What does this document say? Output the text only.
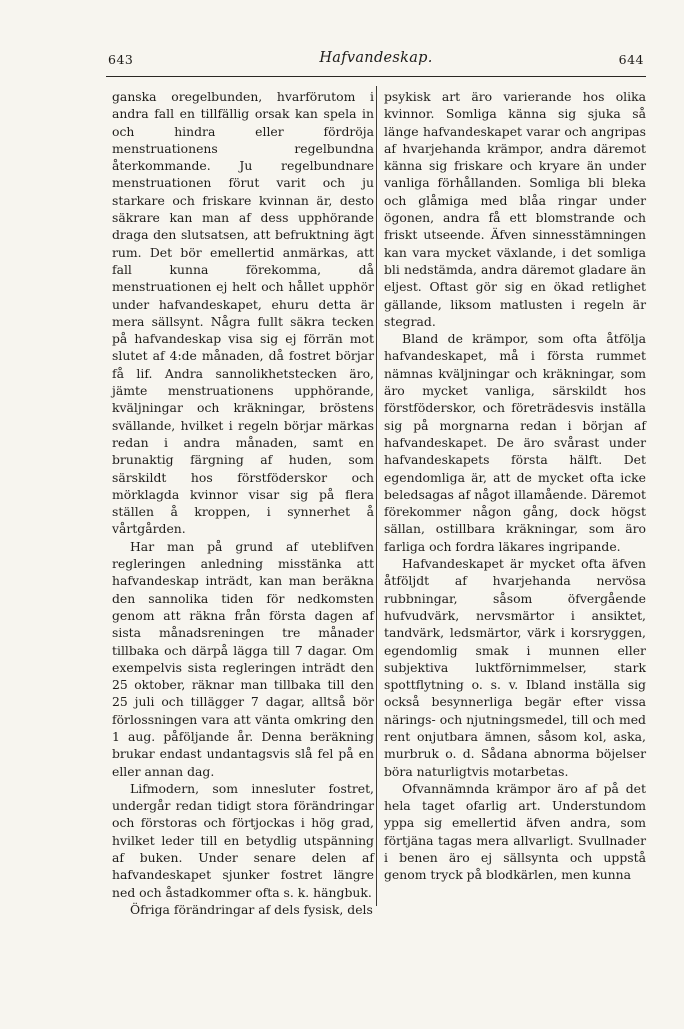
643	Hafvandeskap.	644

ganska oregelbunden, hvarförutom i andra fall en tillfällig orsak kan spela in och hindra eller fördröja menstruationens regelbundna återkommande. Ju regelbundnare menstruationen förut varit och ju starkare och friskare kvinnan är, desto säkrare kan man af dess upphörande draga den slutsatsen, att befruktning ägt rum. Det bör emellertid anmärkas, att fall kunna förekomma, då menstruationen ej helt och hållet upphör under hafvandeskapet, ehuru detta är mera sällsynt. Några fullt säkra tecken på hafvandeskap visa sig ej förrän mot slutet af 4:de månaden, då fostret börjar få lif. Andra sannolikhetstecken äro, jämte menstruationens upphörande, kväljningar och kräkningar, bröstens svällande, hvilket i regeln börjar märkas redan i andra månaden, samt en brunaktig färgning af huden, som särskildt hos förstföderskor och mörklagda kvinnor visar sig på flera ställen å kroppen, i synnerhet å vårtgården.

Har man på grund af uteblifven regleringen anledning misstänka att hafvandeskap inträdt, kan man beräkna den sannolika tiden för nedkomsten genom att räkna från första dagen af sista månadsreningen tre månader tillbaka och därpå lägga till 7 dagar. Om exempelvis sista regleringen inträdt den 25 oktober, räknar man tillbaka till den 25 juli och tillägger 7 dagar, alltså bör förlossningen vara att vänta omkring den 1 aug. påföljande år. Denna beräkning brukar endast undantagsvis slå fel på en eller annan dag.

Lifmodern, som innesluter fostret, undergår redan tidigt stora förändringar och förstoras och förtjockas i hög grad, hvilket leder till en betydlig utspänning af buken. Under senare delen af hafvandeskapet sjunker fostret längre ned och åstadkommer ofta s. k. hängbuk.

Öfriga förändringar af dels fysisk, dels

psykisk art äro varierande hos olika kvinnor. Somliga känna sig sjuka så länge hafvandeskapet varar och angripas af hvarjehanda krämpor, andra däremot känna sig friskare och kryare än under vanliga förhållanden. Somliga bli bleka och glåmiga med blåa ringar under ögonen, andra få ett blomstrande och friskt utseende. Äfven sinnesstämningen kan vara mycket växlande, i det somliga bli nedstämda, andra däremot gladare än eljest. Oftast gör sig en ökad retlighet gällande, liksom matlusten i regeln är stegrad.

Bland de krämpor, som ofta åtfölja hafvandeskapet, må i första rummet nämnas kväljningar och kräkningar, som äro mycket vanliga, särskildt hos förstföderskor, och företrädesvis inställa sig på morgnarna redan i början af hafvandeskapet. De äro svårast under hafvandeskapets första hälft. Det egendomliga är, att de mycket ofta icke beledsagas af något illamående. Däremot förekommer någon gång, dock högst sällan, ostillbara kräkningar, som äro farliga och fordra läkares ingripande.

Hafvandeskapet är mycket ofta äfven åtföljdt af hvarjehanda nervösa rubbningar, såsom öfvergående hufvudvärk, nervsmärtor i ansiktet, tandvärk, ledsmärtor, värk i korsryggen, egendomlig smak i munnen eller subjektiva luktförnimmelser, stark spottflytning o. s. v. Ibland inställa sig också besynnerliga begär efter vissa närings- och njutningsmedel, till och med rent onjutbara ämnen, såsom kol, aska, murbruk o. d. Sådana abnorma böjelser böra naturligtvis motarbetas.

Ofvannämnda krämpor äro af på det hela taget ofarlig art. Understundom yppa sig emellertid äfven andra, som förtjäna tagas mera allvarligt. Svullnader i benen äro ej sällsynta och uppstå genom tryck på blodkärlen, men kunna
